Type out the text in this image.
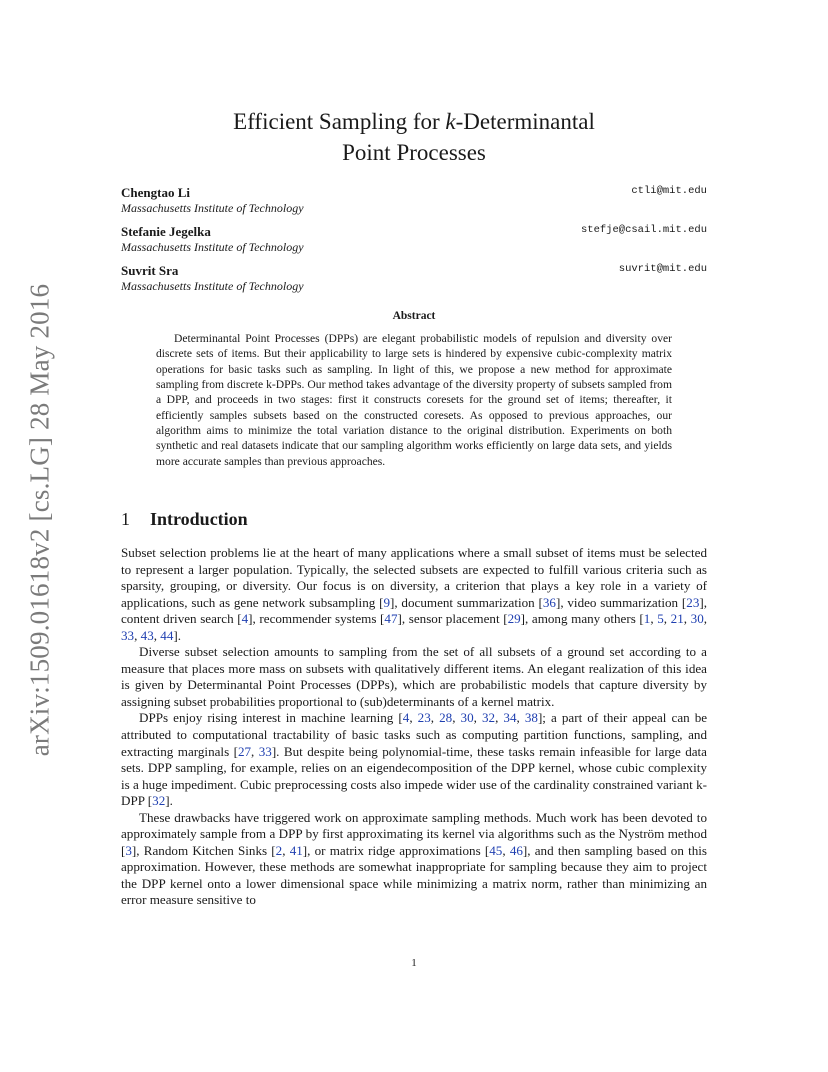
arXiv:1509.01618v2 [cs.LG] 28 May 2016
Efficient Sampling for k-Determinantal
Point Processes
Chengtao Li
Massachusetts Institute of Technology
ctli@mit.edu
Stefanie Jegelka
Massachusetts Institute of Technology
stefje@csail.mit.edu
Suvrit Sra
Massachusetts Institute of Technology
suvrit@mit.edu
Abstract
Determinantal Point Processes (DPPs) are elegant probabilistic models of repulsion and diversity over discrete sets of items. But their applicability to large sets is hindered by expensive cubic-complexity matrix operations for basic tasks such as sampling. In light of this, we propose a new method for approximate sampling from discrete k-DPPs. Our method takes advantage of the diversity property of subsets sampled from a DPP, and proceeds in two stages: first it constructs coresets for the ground set of items; thereafter, it efficiently samples subsets based on the constructed coresets. As opposed to previous approaches, our algorithm aims to minimize the total variation distance to the original distribution. Experiments on both synthetic and real datasets indicate that our sampling algorithm works efficiently on large data sets, and yields more accurate samples than previous approaches.
1 Introduction

Subset selection problems lie at the heart of many applications where a small subset of items must be selected to represent a larger population. Typically, the selected subsets are expected to fulfill various criteria such as sparsity, grouping, or diversity. Our focus is on diversity, a criterion that plays a key role in a variety of applications, such as gene network subsampling [9], document summarization [36], video summarization [23], content driven search [4], recommender systems [47], sensor placement [29], among many others [1, 5, 21, 30, 33, 43, 44].

Diverse subset selection amounts to sampling from the set of all subsets of a ground set according to a measure that places more mass on subsets with qualitatively different items. An elegant realization of this idea is given by Determinantal Point Processes (DPPs), which are probabilistic models that capture diversity by assigning subset probabilities proportional to (sub)determinants of a kernel matrix.

DPPs enjoy rising interest in machine learning [4, 23, 28, 30, 32, 34, 38]; a part of their appeal can be attributed to computational tractability of basic tasks such as computing partition functions, sampling, and extracting marginals [27, 33]. But despite being polynomial-time, these tasks remain infeasible for large data sets. DPP sampling, for example, relies on an eigendecomposition of the DPP kernel, whose cubic complexity is a huge impediment. Cubic preprocessing costs also impede wider use of the cardinality constrained variant k-DPP [32].

These drawbacks have triggered work on approximate sampling methods. Much work has been devoted to approximately sample from a DPP by first approximating its kernel via algorithms such as the Nyström method [3], Random Kitchen Sinks [2, 41], or matrix ridge approximations [45, 46], and then sampling based on this approximation. However, these methods are somewhat inappropriate for sampling because they aim to project the DPP kernel onto a lower dimensional space while minimizing a matrix norm, rather than minimizing an error measure sensitive to

1
